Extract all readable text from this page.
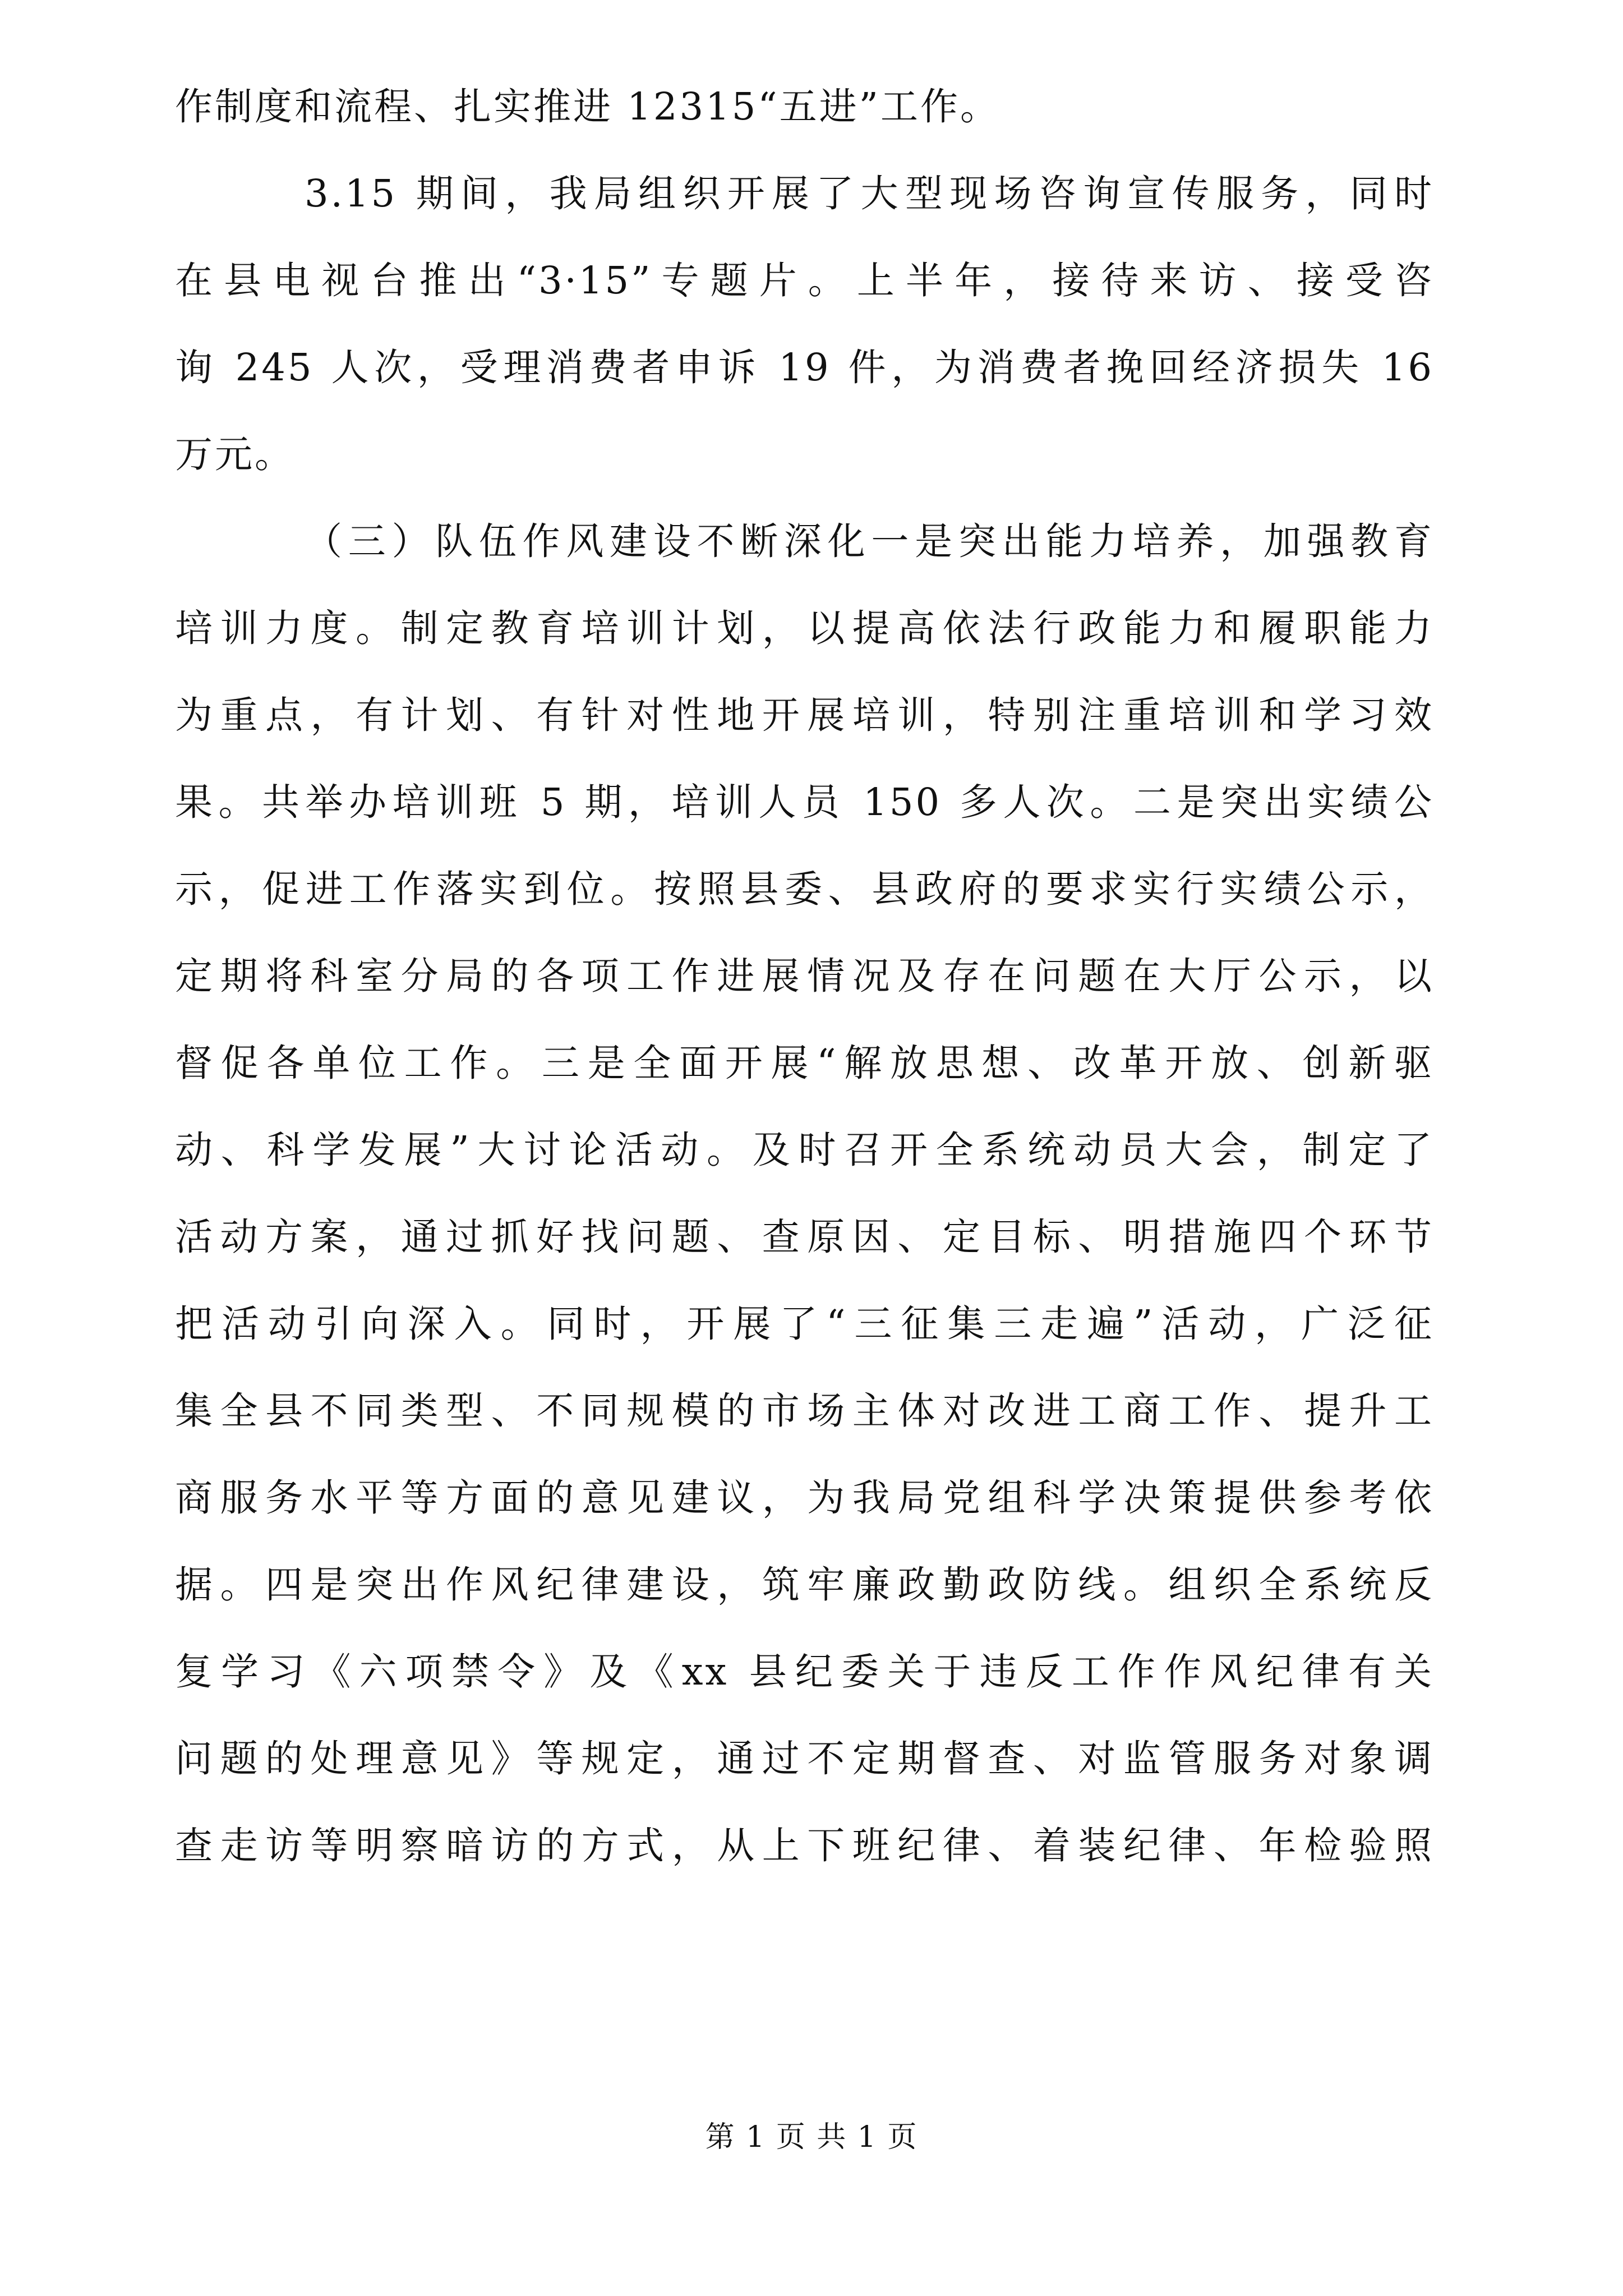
作制度和流程、扎实推进 12315“五进”工作。
3.15 期间，我局组织开展了大型现场咨询宣传服务，同时
在县电视台推出“3·15”专题片。上半年，接待来访、接受咨
询 245 人次，受理消费者申诉 19 件，为消费者挽回经济损失 16
万元。
（三）队伍作风建设不断深化一是突出能力培养，加强教育
培训力度。制定教育培训计划，以提高依法行政能力和履职能力
为重点，有计划、有针对性地开展培训，特别注重培训和学习效
果。共举办培训班 5 期，培训人员 150 多人次。二是突出实绩公
示，促进工作落实到位。按照县委、县政府的要求实行实绩公示，
定期将科室分局的各项工作进展情况及存在问题在大厅公示，以
督促各单位工作。三是全面开展“解放思想、改革开放、创新驱
动、科学发展”大讨论活动。及时召开全系统动员大会，制定了
活动方案，通过抓好找问题、查原因、定目标、明措施四个环节
把活动引向深入。同时，开展了“三征集三走遍”活动，广泛征
集全县不同类型、不同规模的市场主体对改进工商工作、提升工
商服务水平等方面的意见建议，为我局党组科学决策提供参考依
据。四是突出作风纪律建设，筑牢廉政勤政防线。组织全系统反
复学习《六项禁令》及《xx 县纪委关于违反工作作风纪律有关
问题的处理意见》等规定，通过不定期督查、对监管服务对象调
查走访等明察暗访的方式，从上下班纪律、着装纪律、年检验照
第 1 页 共 1 页
